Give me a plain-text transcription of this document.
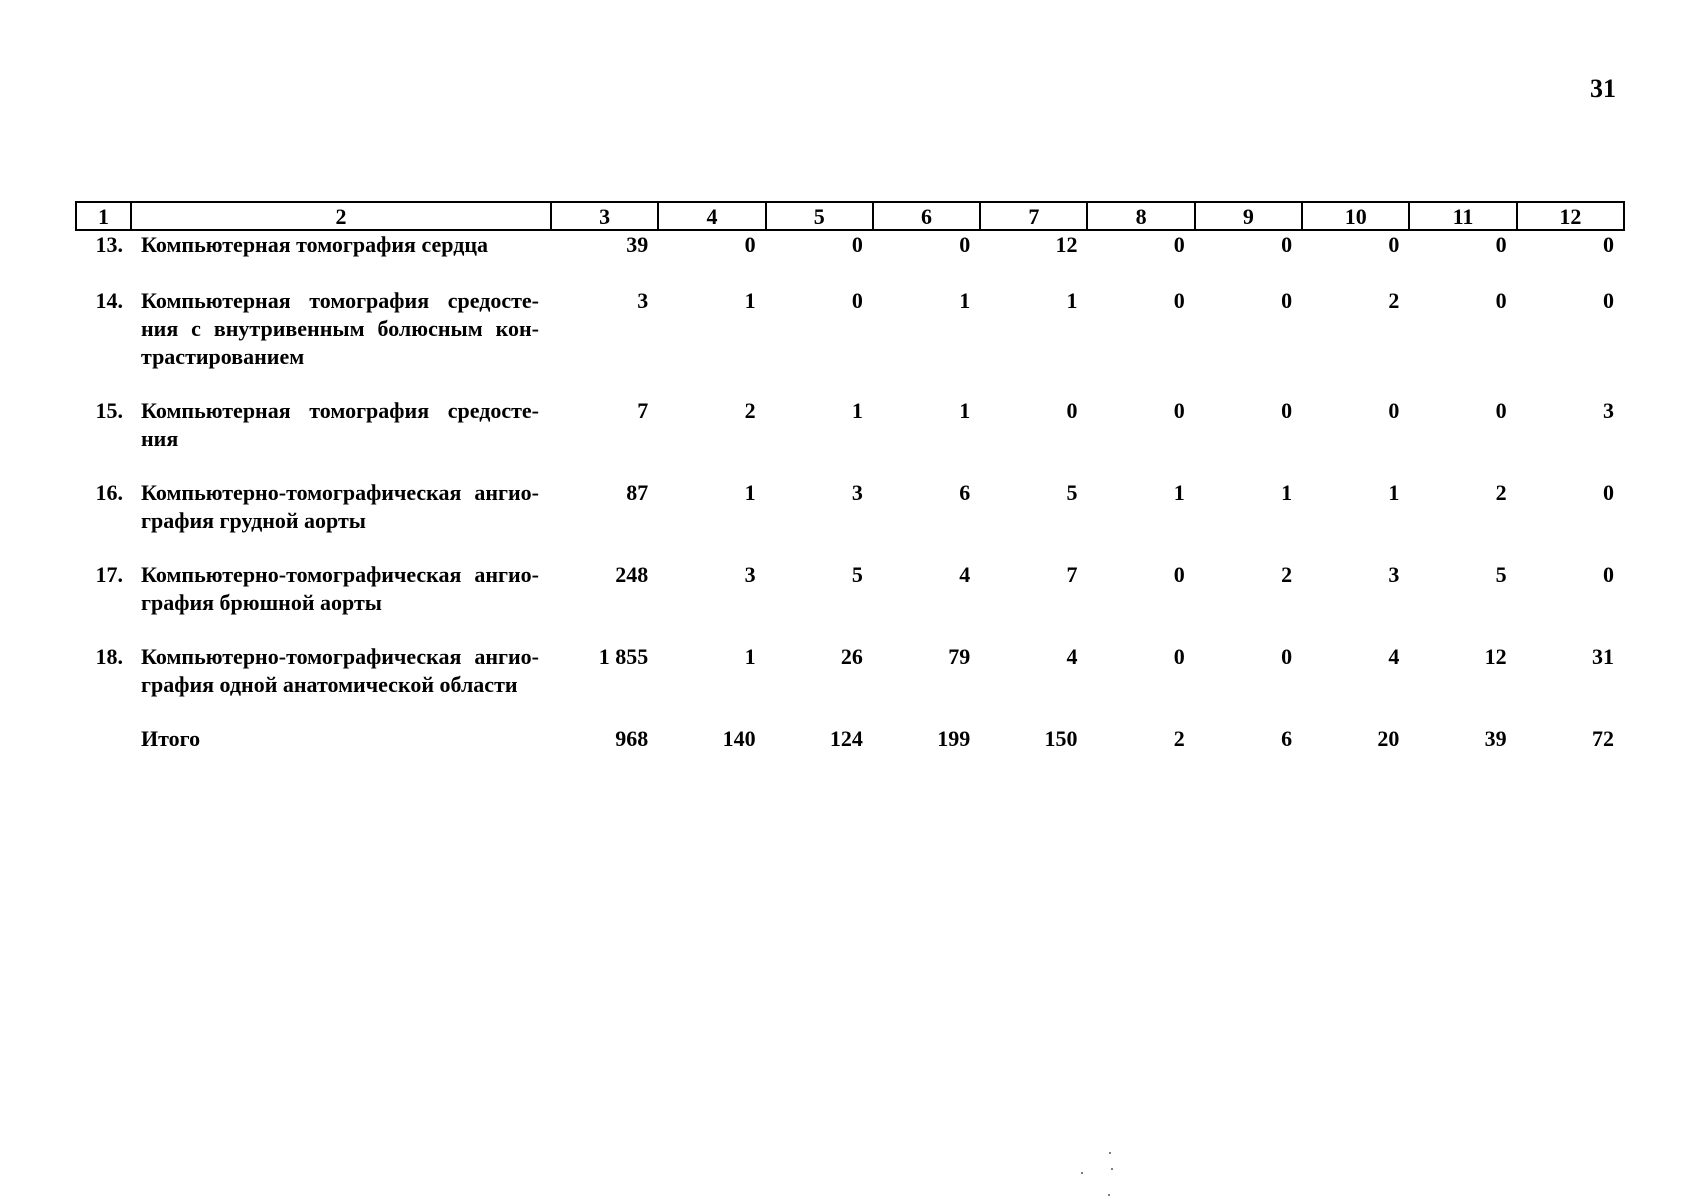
31
1	2	3	4	5	6	7	8	9	10	11	12
13.	Компьютерная томография сердца	39	0	0	0	12	0	0	0	0	0
14.	Компьютерная томография средосте-ния с внутривенным болюсным кон-трастированием	3	1	0	1	1	0	0	2	0	0
15.	Компьютерная томография средосте-ния	7	2	1	1	0	0	0	0	0	3
16.	Компьютерно-томографическая ангио-графия грудной аорты	87	1	3	6	5	1	1	1	2	0
17.	Компьютерно-томографическая ангио-графия брюшной аорты	248	3	5	4	7	0	2	3	5	0
18.	Компьютерно-томографическая ангио-графия одной анатомической области	1 855	1	26	79	4	0	0	4	12	31
	Итого	968	140	124	199	150	2	6	20	39	72
